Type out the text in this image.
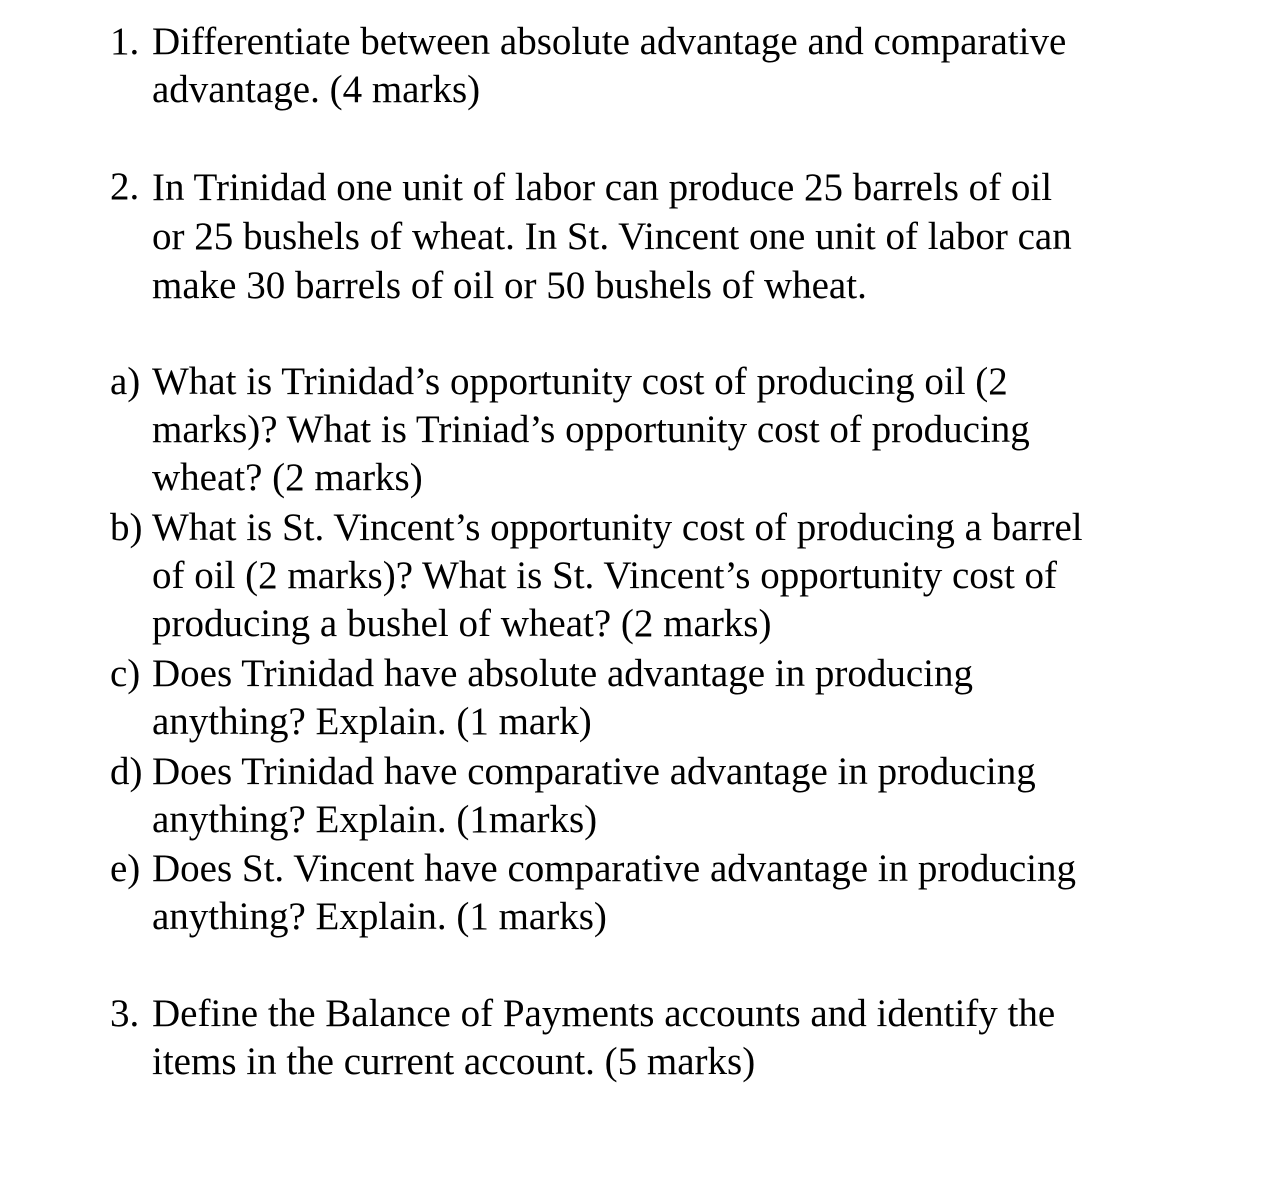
1. Differentiate between absolute advantage and comparative
advantage. (4 marks)
2. In Trinidad one unit of labor can produce 25 barrels of oil
or 25 bushels of wheat. In St. Vincent one unit of labor can
make 30 barrels of oil or 50 bushels of wheat.
a) What is Trinidad’s opportunity cost of producing oil (2
marks)? What is Triniad’s opportunity cost of producing
wheat? (2 marks)
b) What is St. Vincent’s opportunity cost of producing a barrel
of oil (2 marks)? What is St. Vincent’s opportunity cost of
producing a bushel of wheat? (2 marks)
c) Does Trinidad have absolute advantage in producing
anything? Explain. (1 mark)
d) Does Trinidad have comparative advantage in producing
anything? Explain. (1marks)
e) Does St. Vincent have comparative advantage in producing
anything? Explain. (1 marks)
3. Define the Balance of Payments accounts and identify the
items in the current account. (5 marks)
